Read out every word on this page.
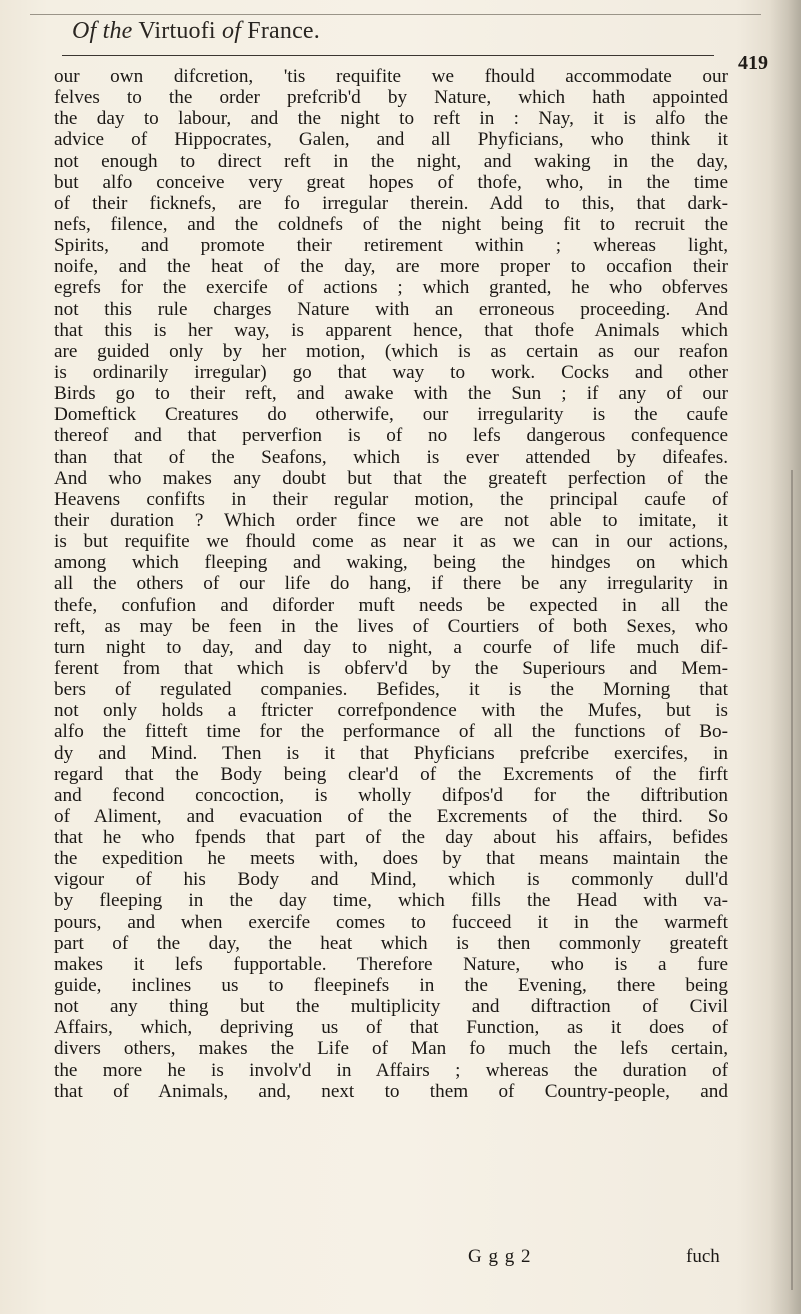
Of the Virtuofi of France.
419
our own difcretion, 'tis requifite we fhould accommodate our
felves to the order prefcrib'd by Nature, which hath appointed
the day to labour, and the night to reft in : Nay, it is alfo the
advice of Hippocrates, Galen, and all Phyficians, who think it
not enough to direct reft in the night, and waking in the day,
but alfo conceive very great hopes of thofe, who, in the time
of their ficknefs, are fo irregular therein. Add to this, that dark-
nefs, filence, and the coldnefs of the night being fit to recruit the
Spirits, and promote their retirement within ; whereas light,
noife, and the heat of the day, are more proper to occafion their
egrefs for the exercife of actions ; which granted, he who obferves
not this rule charges Nature with an erroneous proceeding. And
that this is her way, is apparent hence, that thofe Animals which
are guided only by her motion, (which is as certain as our reafon
is ordinarily irregular) go that way to work. Cocks and other
Birds go to their reft, and awake with the Sun ; if any of our
Domeftick Creatures do otherwife, our irregularity is the caufe
thereof and that perverfion is of no lefs dangerous confequence
than that of the Seafons, which is ever attended by difeafes.
And who makes any doubt but that the greateft perfection of the
Heavens confifts in their regular motion, the principal caufe of
their duration ? Which order fince we are not able to imitate, it
is but requifite we fhould come as near it as we can in our actions,
among which fleeping and waking, being the hindges on which
all the others of our life do hang, if there be any irregularity in
thefe, confufion and diforder muft needs be expected in all the
reft, as may be feen in the lives of Courtiers of both Sexes, who
turn night to day, and day to night, a courfe of life much dif-
ferent from that which is obferv'd by the Superiours and Mem-
bers of regulated companies. Befides, it is the Morning that
not only holds a ftricter correfpondence with the Mufes, but is
alfo the fitteft time for the performance of all the functions of Bo-
dy and Mind. Then is it that Phyficians prefcribe exercifes, in
regard that the Body being clear'd of the Excrements of the firft
and fecond concoction, is wholly difpos'd for the diftribution
of Aliment, and evacuation of the Excrements of the third. So
that he who fpends that part of the day about his affairs, befides
the expedition he meets with, does by that means maintain the
vigour of his Body and Mind, which is commonly dull'd
by fleeping in the day time, which fills the Head with va-
pours, and when exercife comes to fucceed it in the warmeft
part of the day, the heat which is then commonly greateft
makes it lefs fupportable. Therefore Nature, who is a fure
guide, inclines us to fleepinefs in the Evening, there being
not any thing but the multiplicity and diftraction of Civil
Affairs, which, depriving us of that Function, as it does of
divers others, makes the Life of Man fo much the lefs certain,
the more he is involv'd in Affairs ; whereas the duration of
that of Animals, and, next to them of Country-people, and
G g g 2	fuch
